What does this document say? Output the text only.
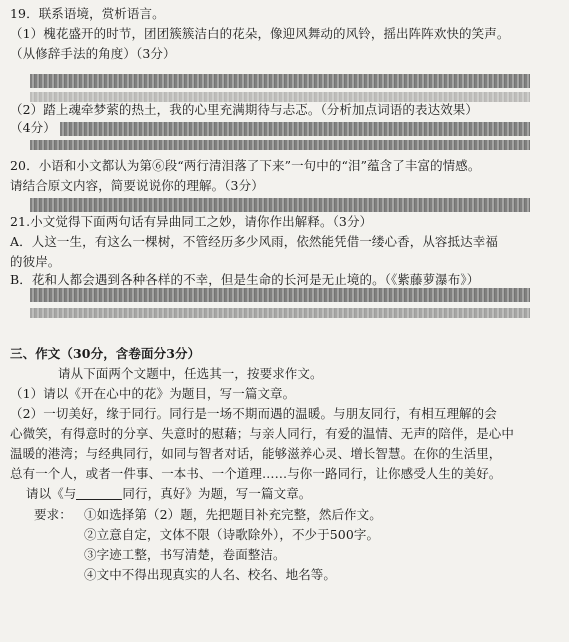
19．联系语境，赏析语言。
（1）槐花盛开的时节，团团簇簇洁白的花朵，像迎风舞动的风铃，摇出阵阵欢快的笑声。
（从修辞手法的角度）（3分）
（2）踏上魂牵梦萦的热土，我的心里充满期待与忐忑。（分析加点词语的表达效果）
（4分）
20．小语和小文都认为第⑥段“两行清泪落了下来”一句中的“泪”蕴含了丰富的情感。
请结合原文内容，简要说说你的理解。（3分）
21.小文觉得下面两句话有异曲同工之妙，请你作出解释。（3分）
A．人这一生，有这么一棵树，不管经历多少风雨，依然能凭借一缕心香，从容抵达幸福
的彼岸。
B．花和人都会遇到各种各样的不幸，但是生命的长河是无止境的。（《紫藤萝瀑布》）
三、作文（30分，含卷面分3分）
请从下面两个文题中，任选其一，按要求作文。
（1）请以《开在心中的花》为题目，写一篇文章。
（2）一切美好，缘于同行。同行是一场不期而遇的温暖。与朋友同行，有相互理解的会
心微笑，有得意时的分享、失意时的慰藉；与亲人同行，有爱的温情、无声的陪伴，是心中
温暖的港湾；与经典同行，如同与智者对话，能够滋养心灵、增长智慧。在你的生活里，
总有一个人，或者一件事、一本书、一个道理……与你一路同行，让你感受人生的美好。
请以《与	同行，真好》为题，写一篇文章。
要求： ①如选择第（2）题，先把题目补充完整，然后作文。
②立意自定，文体不限（诗歌除外），不少于500字。
③字迹工整，书写清楚，卷面整洁。
④文中不得出现真实的人名、校名、地名等。
